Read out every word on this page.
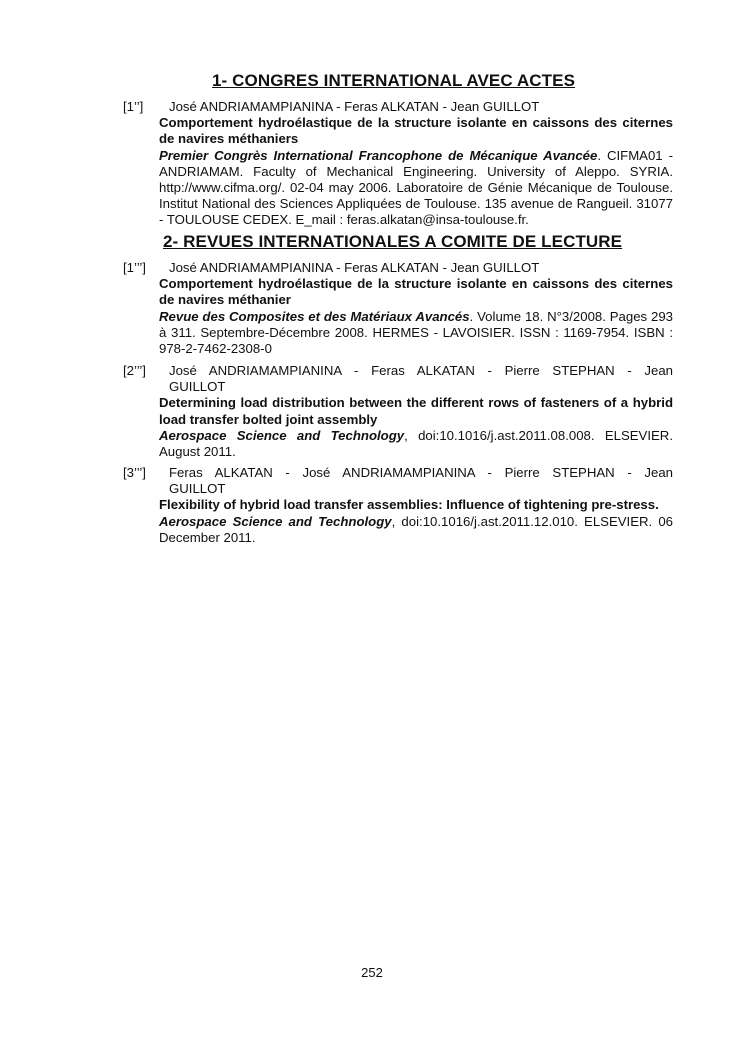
1- CONGRES INTERNATIONAL AVEC ACTES
[1’’]	José ANDRIAMAMPIANINA - Feras ALKATAN - Jean GUILLOT
Comportement hydroélastique de la structure isolante en caissons des citernes de navires méthaniers
Premier Congrès International Francophone de Mécanique Avancée. CIFMA01 - ANDRIAMAM. Faculty of Mechanical Engineering. University of Aleppo. SYRIA. http://www.cifma.org/. 02-04 may 2006. Laboratoire de Génie Mécanique de Toulouse. Institut National des Sciences Appliquées de Toulouse. 135 avenue de Rangueil. 31077 - TOULOUSE CEDEX. E_mail : feras.alkatan@insa-toulouse.fr.
2- REVUES INTERNATIONALES A COMITE DE LECTURE
[1’’’]	José ANDRIAMAMPIANINA - Feras ALKATAN - Jean GUILLOT
Comportement hydroélastique de la structure isolante en caissons des citernes de navires méthanier
Revue des Composites et des Matériaux Avancés. Volume 18. N°3/2008. Pages 293 à 311. Septembre-Décembre 2008. HERMES - LAVOISIER. ISSN : 1169-7954. ISBN : 978-2-7462-2308-0
[2’’’]	José ANDRIAMAMPIANINA - Feras ALKATAN - Pierre STEPHAN - Jean
GUILLOT
Determining load distribution between the different rows of fasteners of a hybrid load transfer bolted joint assembly
Aerospace Science and Technology, doi:10.1016/j.ast.2011.08.008. ELSEVIER. August 2011.
[3’’’]	Feras ALKATAN - José ANDRIAMAMPIANINA - Pierre STEPHAN - Jean
GUILLOT
Flexibility of hybrid load transfer assemblies: Influence of tightening pre-stress.
Aerospace Science and Technology, doi:10.1016/j.ast.2011.12.010. ELSEVIER. 06 December 2011.
252
